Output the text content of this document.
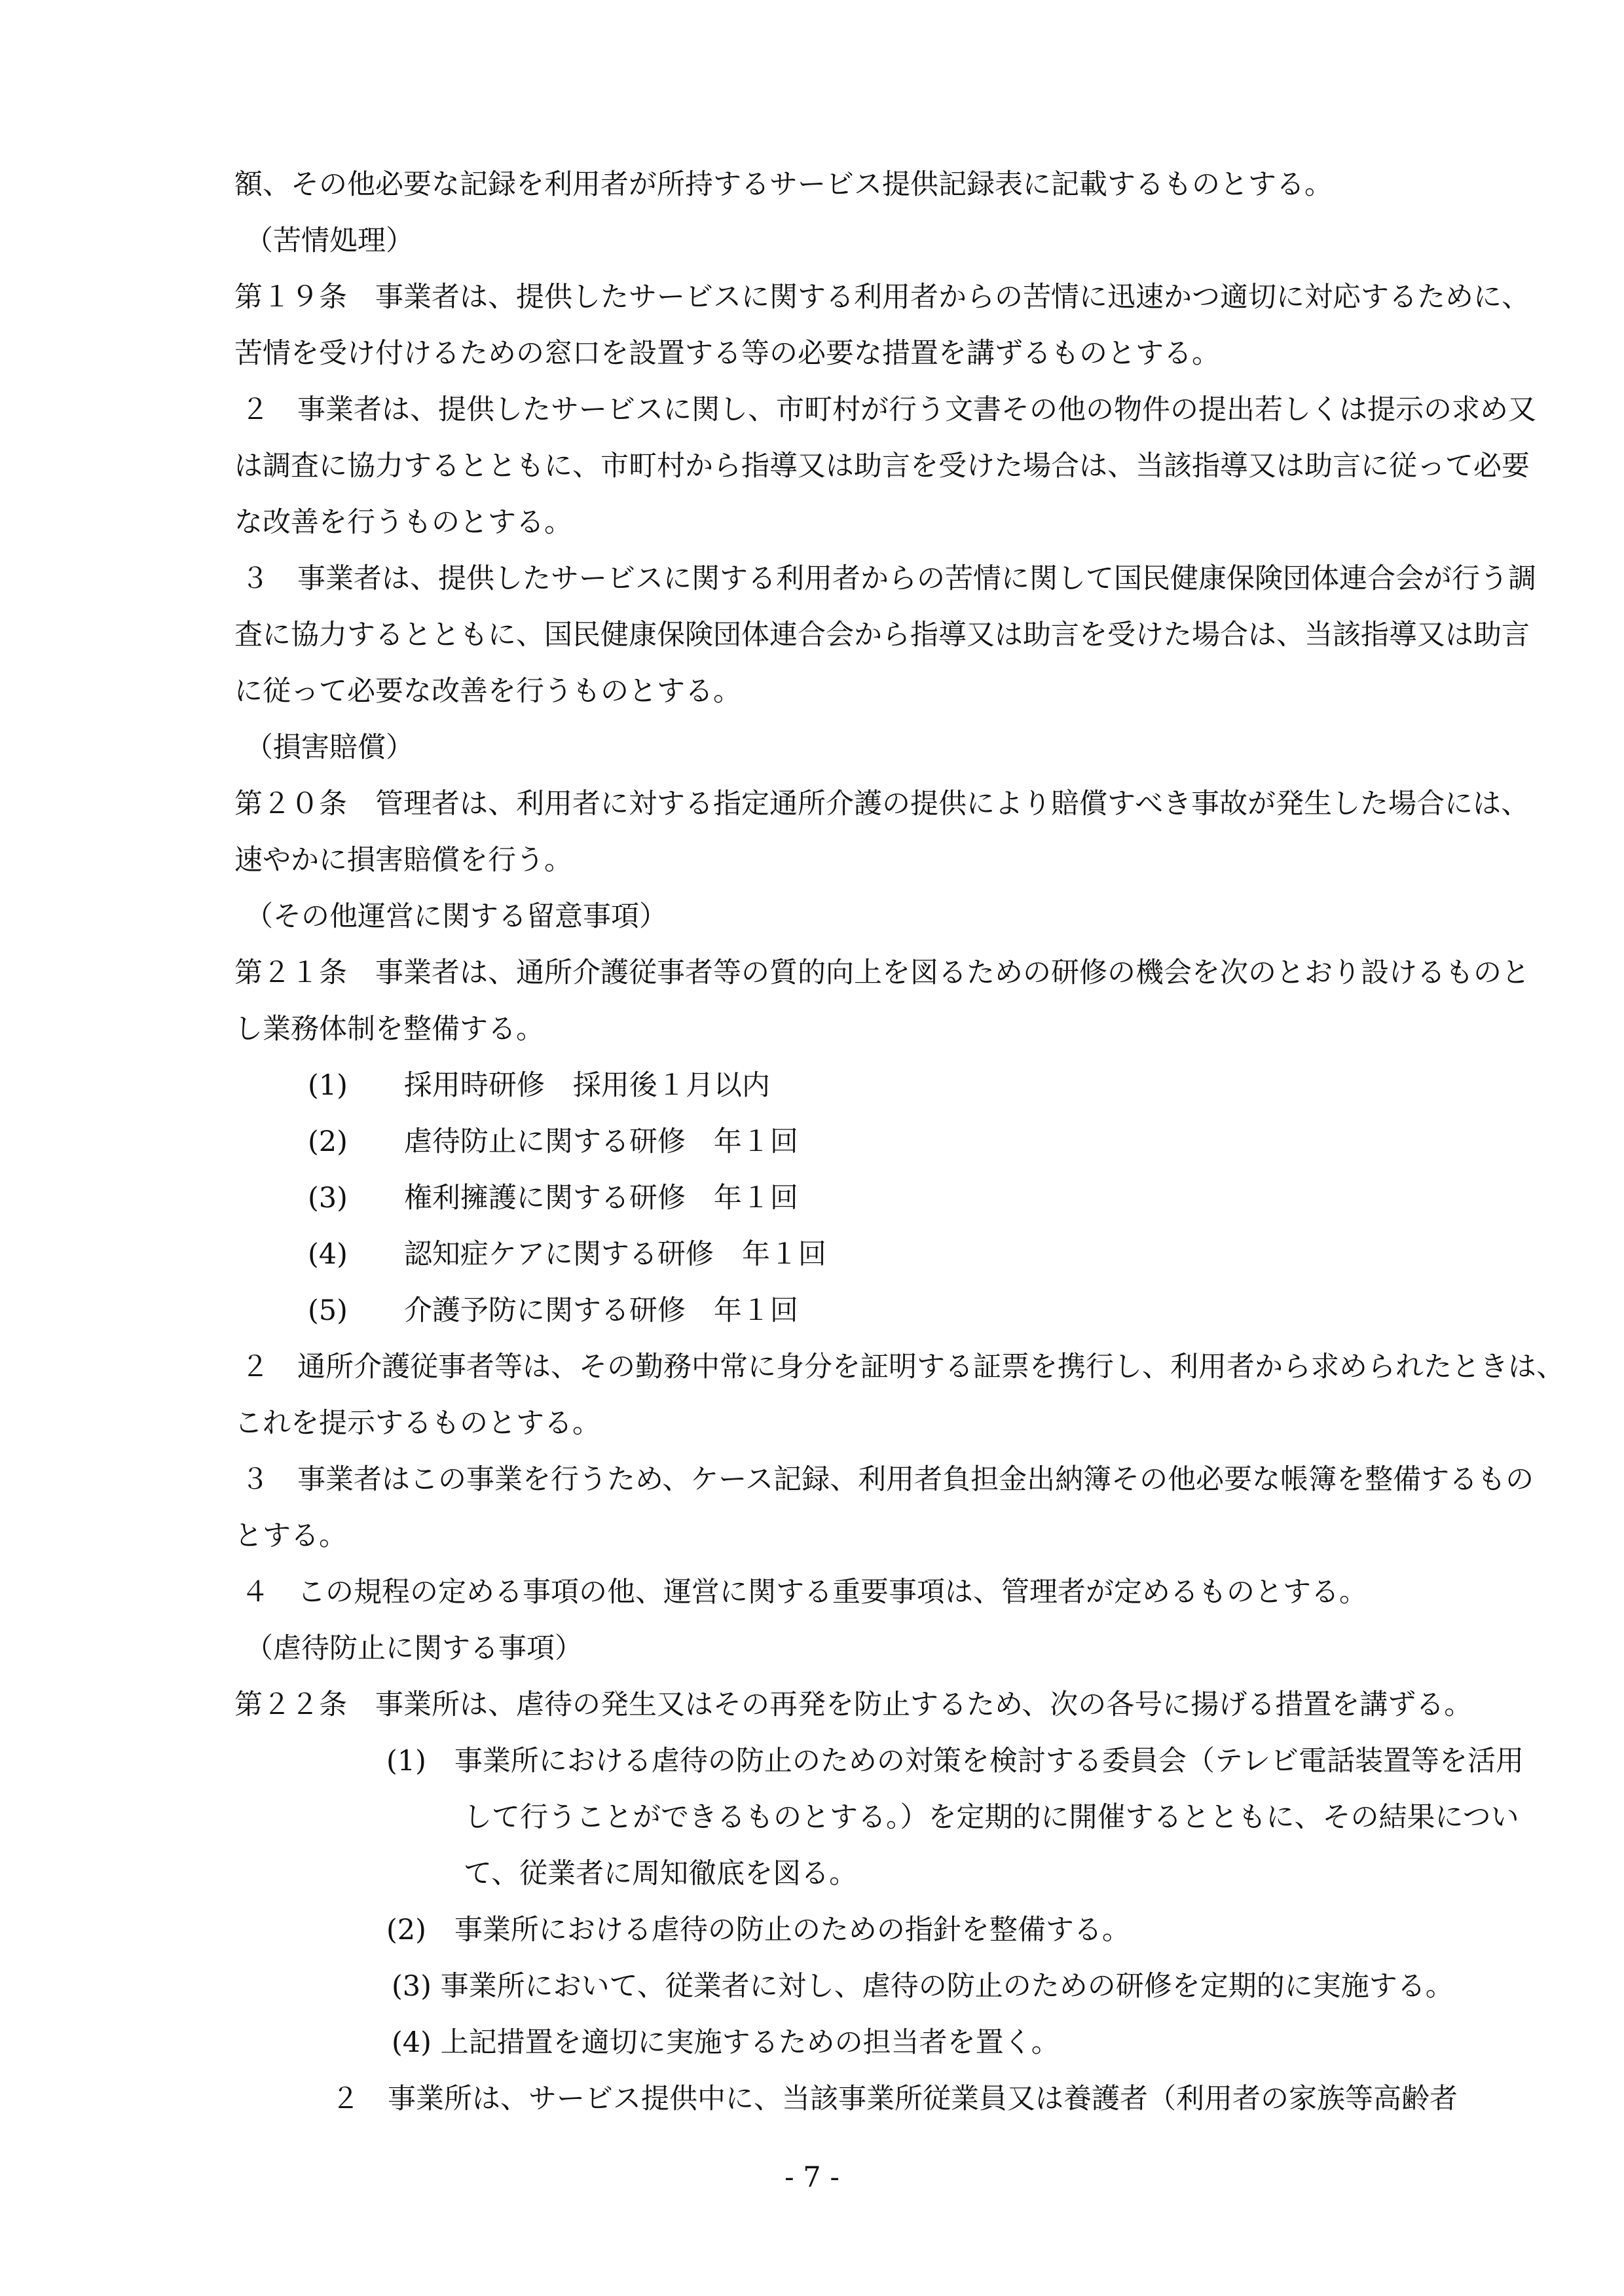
額、その他必要な記録を利用者が所持するサービス提供記録表に記載するものとする。
（苦情処理）
第１９条　事業者は、提供したサービスに関する利用者からの苦情に迅速かつ適切に対応するために、
苦情を受け付けるための窓口を設置する等の必要な措置を講ずるものとする。
２　事業者は、提供したサービスに関し、市町村が行う文書その他の物件の提出若しくは提示の求め又
は調査に協力するとともに、市町村から指導又は助言を受けた場合は、当該指導又は助言に従って必要
な改善を行うものとする。
３　事業者は、提供したサービスに関する利用者からの苦情に関して国民健康保険団体連合会が行う調
査に協力するとともに、国民健康保険団体連合会から指導又は助言を受けた場合は、当該指導又は助言
に従って必要な改善を行うものとする。
（損害賠償）
第２０条　管理者は、利用者に対する指定通所介護の提供により賠償すべき事故が発生した場合には、
速やかに損害賠償を行う。
（その他運営に関する留意事項）
第２１条　事業者は、通所介護従事者等の質的向上を図るための研修の機会を次のとおり設けるものと
し業務体制を整備する。
(1)　　採用時研修　採用後１月以内
(2)　　虐待防止に関する研修　年１回
(3)　　権利擁護に関する研修　年１回
(4)　　認知症ケアに関する研修　年１回
(5)　　介護予防に関する研修　年１回
２　通所介護従事者等は、その勤務中常に身分を証明する証票を携行し、利用者から求められたときは、
これを提示するものとする。
３　事業者はこの事業を行うため、ケース記録、利用者負担金出納簿その他必要な帳簿を整備するもの
とする。
４　この規程の定める事項の他、運営に関する重要事項は、管理者が定めるものとする。
（虐待防止に関する事項）
第２２条　事業所は、虐待の発生又はその再発を防止するため、次の各号に揚げる措置を講ずる。
(1)　事業所における虐待の防止のための対策を検討する委員会（テレビ電話装置等を活用
して行うことができるものとする。）を定期的に開催するとともに、その結果につい
て、従業者に周知徹底を図る。
(2)　事業所における虐待の防止のための指針を整備する。
(3) 事業所において、従業者に対し、虐待の防止のための研修を定期的に実施する。
(4) 上記措置を適切に実施するための担当者を置く。
２　事業所は、サービス提供中に、当該事業所従業員又は養護者（利用者の家族等高齢者
- 7 -
